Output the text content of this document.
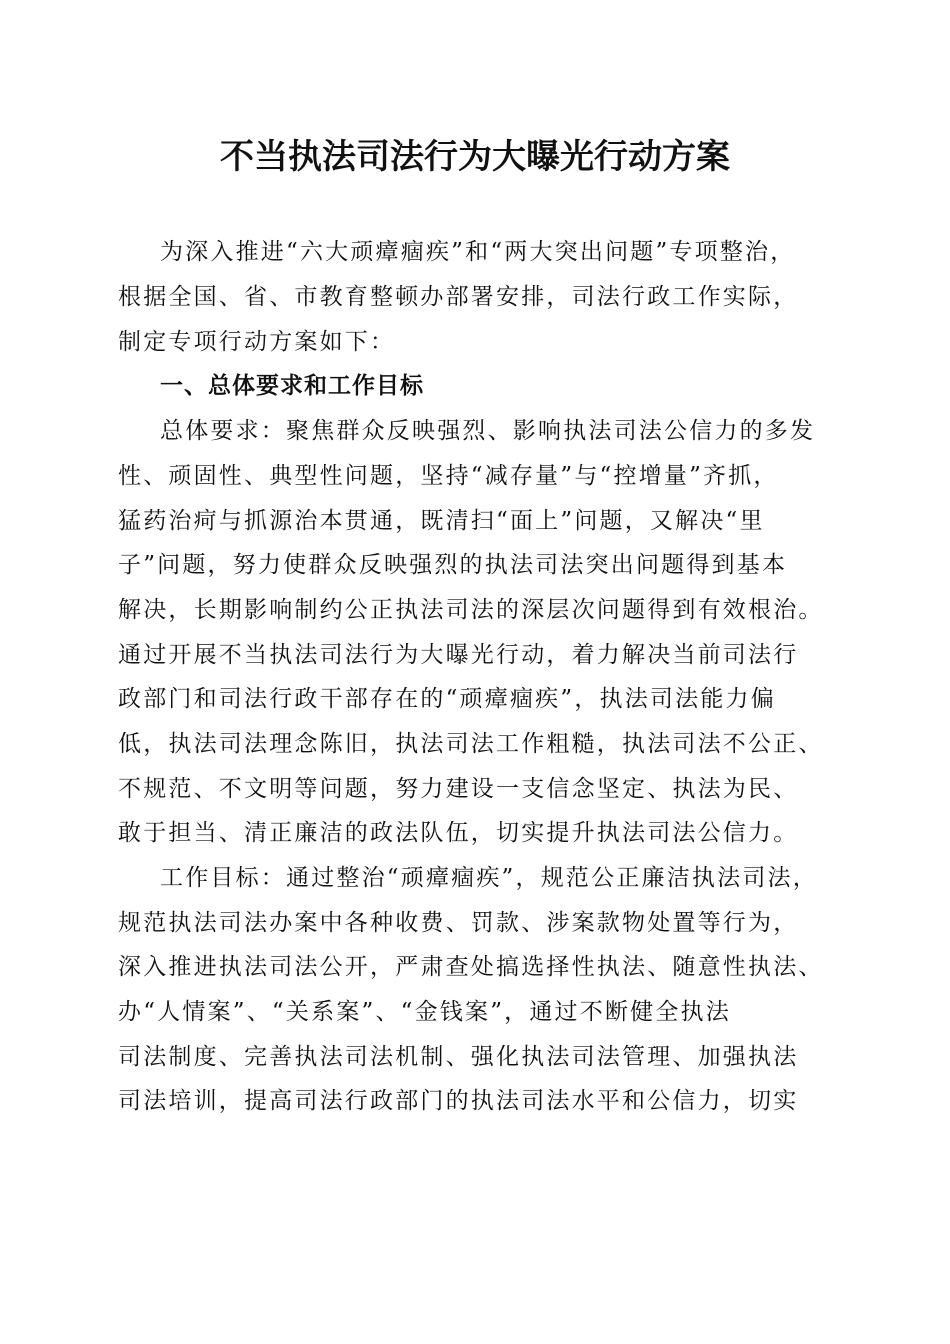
不当执法司法行为大曝光行动方案
为深入推进“六大顽瘴痼疾”和“两大突出问题”专项整治，
根据全国、省、市教育整顿办部署安排，司法行政工作实际，
制定专项行动方案如下：
一、总体要求和工作目标
总体要求：聚焦群众反映强烈、影响执法司法公信力的多发
性、顽固性、典型性问题，坚持“减存量”与“控增量”齐抓，
猛药治疴与抓源治本贯通，既清扫“面上”问题，又解决“里
子”问题，努力使群众反映强烈的执法司法突出问题得到基本
解决，长期影响制约公正执法司法的深层次问题得到有效根治。
通过开展不当执法司法行为大曝光行动，着力解决当前司法行
政部门和司法行政干部存在的“顽瘴痼疾”，执法司法能力偏
低，执法司法理念陈旧，执法司法工作粗糙，执法司法不公正、
不规范、不文明等问题，努力建设一支信念坚定、执法为民、
敢于担当、清正廉洁的政法队伍，切实提升执法司法公信力。
工作目标：通过整治“顽瘴痼疾”，规范公正廉洁执法司法，
规范执法司法办案中各种收费、罚款、涉案款物处置等行为，
深入推进执法司法公开，严肃查处搞选择性执法、随意性执法、
办“人情案”、“关系案”、“金钱案”，通过不断健全执法
司法制度、完善执法司法机制、强化执法司法管理、加强执法
司法培训，提高司法行政部门的执法司法水平和公信力，切实
